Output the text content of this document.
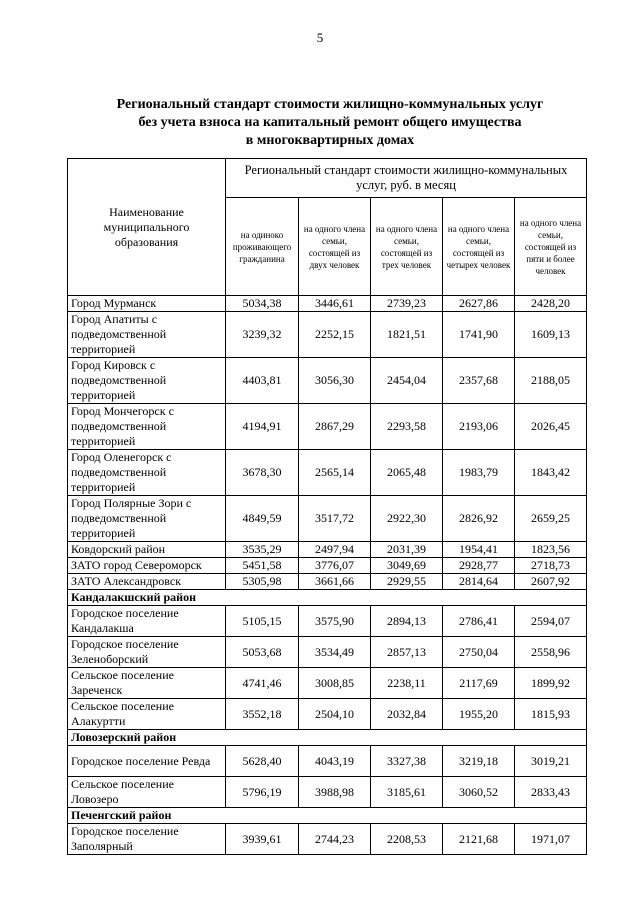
5
Региональный стандарт стоимости жилищно-коммунальных услуг
без учета взноса на капитальный ремонт общего имущества
в многоквартирных домах
Наименование муниципального образования	Региональный стандарт стоимости жилищно-коммунальных услуг, руб. в месяц				
	на одиноко проживающего гражданина	на одного члена семьи, состоящей из двух человек	на одного члена семьи, состоящей из трех человек	на одного члена семьи, состоящей из четырех человек	на одного члена семьи, состоящей из пяти и более человек
Город Мурманск	5034,38	3446,61	2739,23	2627,86	2428,20
Город Апатиты с подведомственной территорией	3239,32	2252,15	1821,51	1741,90	1609,13
Город Кировск с подведомственной территорией	4403,81	3056,30	2454,04	2357,68	2188,05
Город Мончегорск с подведомственной территорией	4194,91	2867,29	2293,58	2193,06	2026,45
Город Оленегорск с подведомственной территорией	3678,30	2565,14	2065,48	1983,79	1843,42
Город Полярные Зори с подведомственной территорией	4849,59	3517,72	2922,30	2826,92	2659,25
Ковдорский район	3535,29	2497,94	2031,39	1954,41	1823,56
ЗАТО город Североморск	5451,58	3776,07	3049,69	2928,77	2718,73
ЗАТО Александровск	5305,98	3661,66	2929,55	2814,64	2607,92
Кандалакшский район					
Городское поселение Кандалакша	5105,15	3575,90	2894,13	2786,41	2594,07
Городское поселение Зеленоборский	5053,68	3534,49	2857,13	2750,04	2558,96
Сельское поселение Зареченск	4741,46	3008,85	2238,11	2117,69	1899,92
Сельское поселение Алакуртти	3552,18	2504,10	2032,84	1955,20	1815,93
Ловозерский район					
Городское поселение Ревда	5628,40	4043,19	3327,38	3219,18	3019,21
Сельское поселение Ловозеро	5796,19	3988,98	3185,61	3060,52	2833,43
Печенгский район					
Городское поселение Заполярный	3939,61	2744,23	2208,53	2121,68	1971,07
